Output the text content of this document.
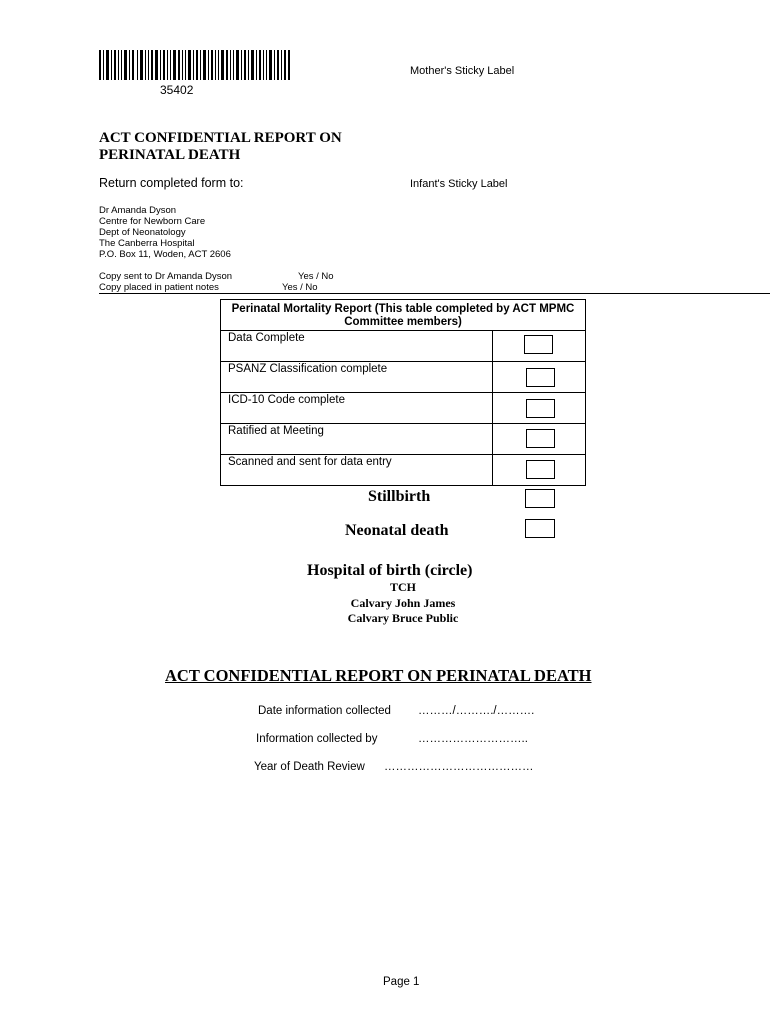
35402
Mother's Sticky Label
ACT CONFIDENTIAL REPORT ON
PERINATAL DEATH
Return completed form to:	Infant's Sticky Label
Dr Amanda Dyson
Centre for Newborn Care
Dept of Neonatology
The Canberra Hospital
P.O. Box 11, Woden, ACT 2606
Copy sent to Dr Amanda Dyson	Yes / No
Copy placed in patient notes	Yes / No
Perinatal Mortality Report (This table completed by ACT MPMC Committee members)	
Data Complete	

PSANZ Classification complete	

ICD-10 Code complete	

Ratified at Meeting	

Scanned and sent for data entry	
Stillbirth
Neonatal death
Hospital of birth (circle)
TCH
Calvary John James
Calvary Bruce Public
ACT CONFIDENTIAL REPORT ON PERINATAL DEATH
Date information collected ………/………./……….
Information collected by	………………………..
Year of Death Review …………………………………
Page 1
